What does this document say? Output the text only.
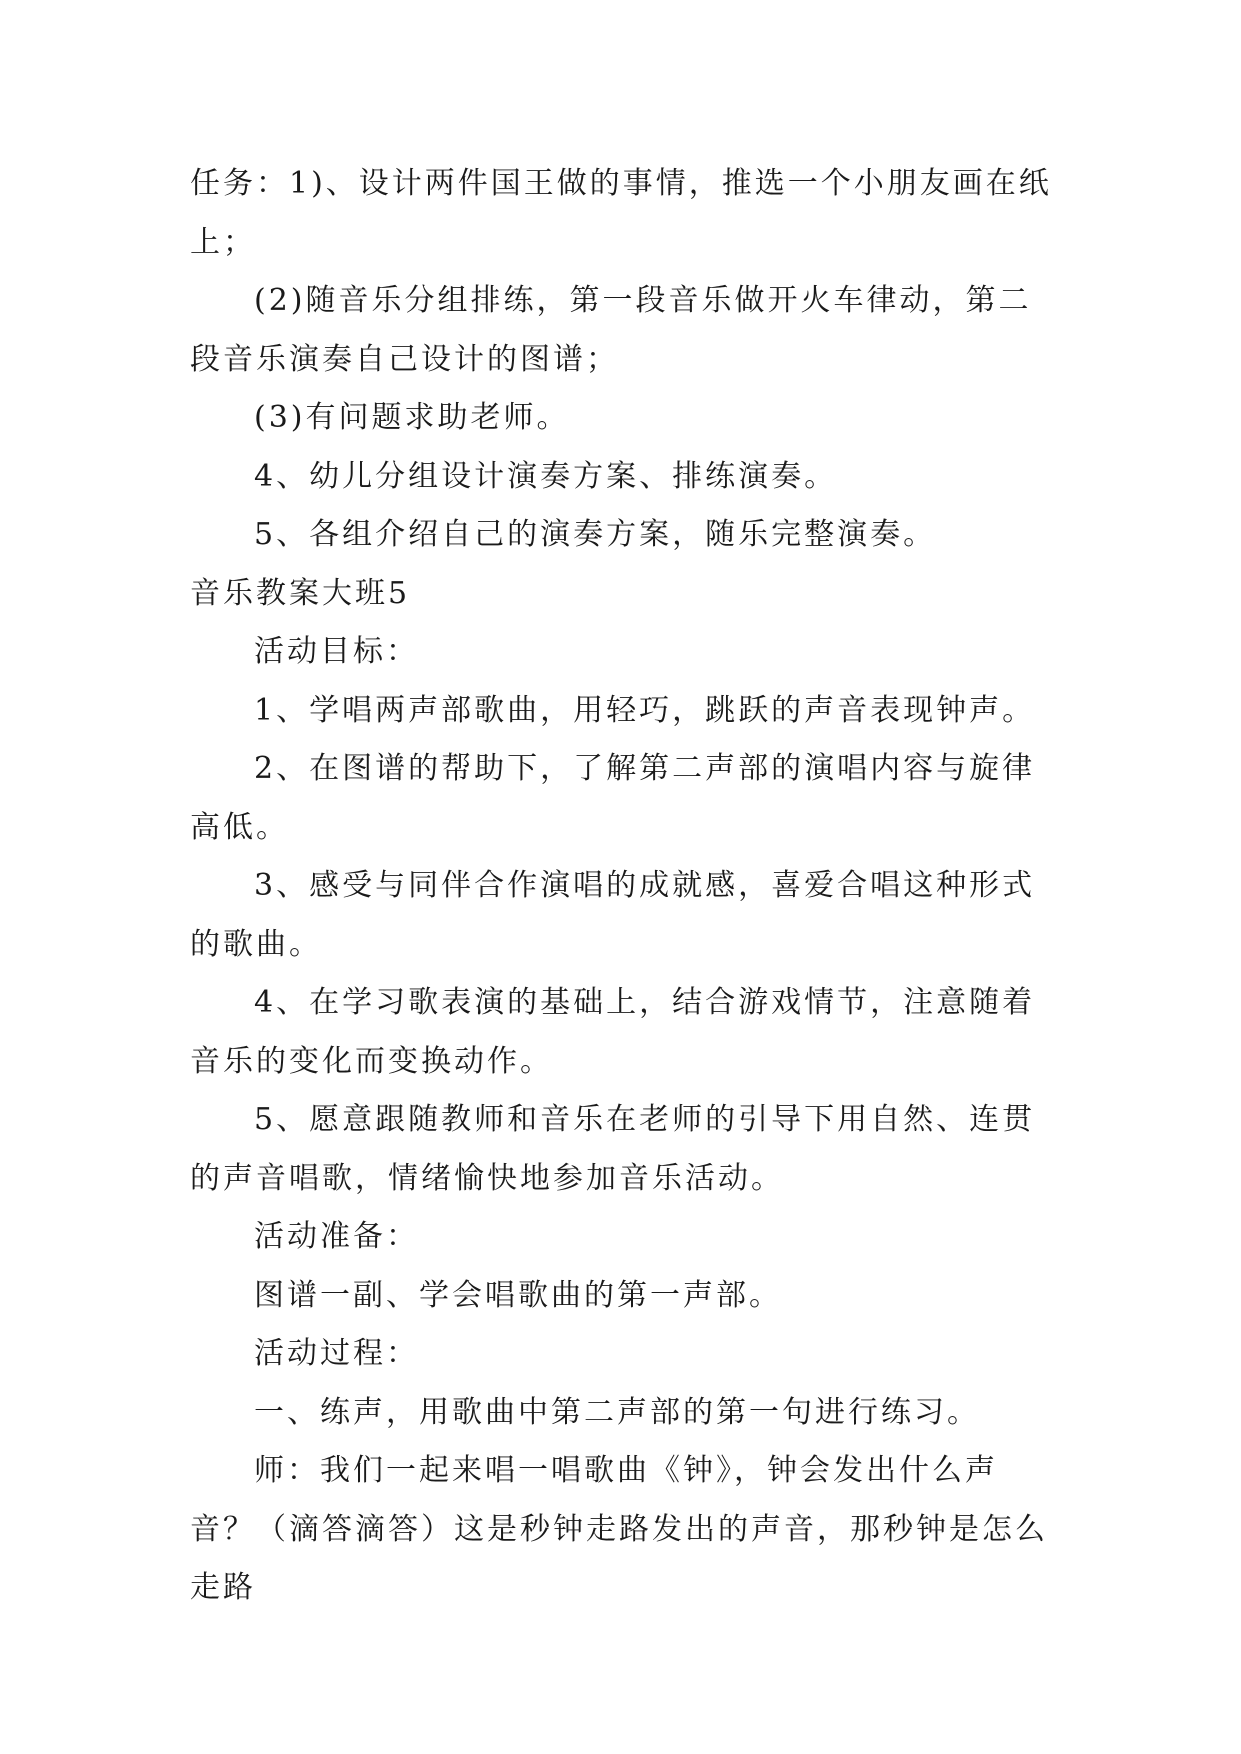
任务：1)、设计两件国王做的事情，推选一个小朋友画在纸上；

(2)随音乐分组排练，第一段音乐做开火车律动，第二段音乐演奏自己设计的图谱；

(3)有问题求助老师。

4、幼儿分组设计演奏方案、排练演奏。

5、各组介绍自己的演奏方案，随乐完整演奏。

音乐教案大班5

活动目标：

1、学唱两声部歌曲，用轻巧，跳跃的声音表现钟声。

2、在图谱的帮助下，了解第二声部的演唱内容与旋律高低。

3、感受与同伴合作演唱的成就感，喜爱合唱这种形式的歌曲。

4、在学习歌表演的基础上，结合游戏情节，注意随着音乐的变化而变换动作。

5、愿意跟随教师和音乐在老师的引导下用自然、连贯的声音唱歌，情绪愉快地参加音乐活动。

活动准备：

图谱一副、学会唱歌曲的第一声部。

活动过程：

一、练声，用歌曲中第二声部的第一句进行练习。

师：我们一起来唱一唱歌曲《钟》，钟会发出什么声音？（滴答滴答）这是秒钟走路发出的声音，那秒钟是怎么走路
